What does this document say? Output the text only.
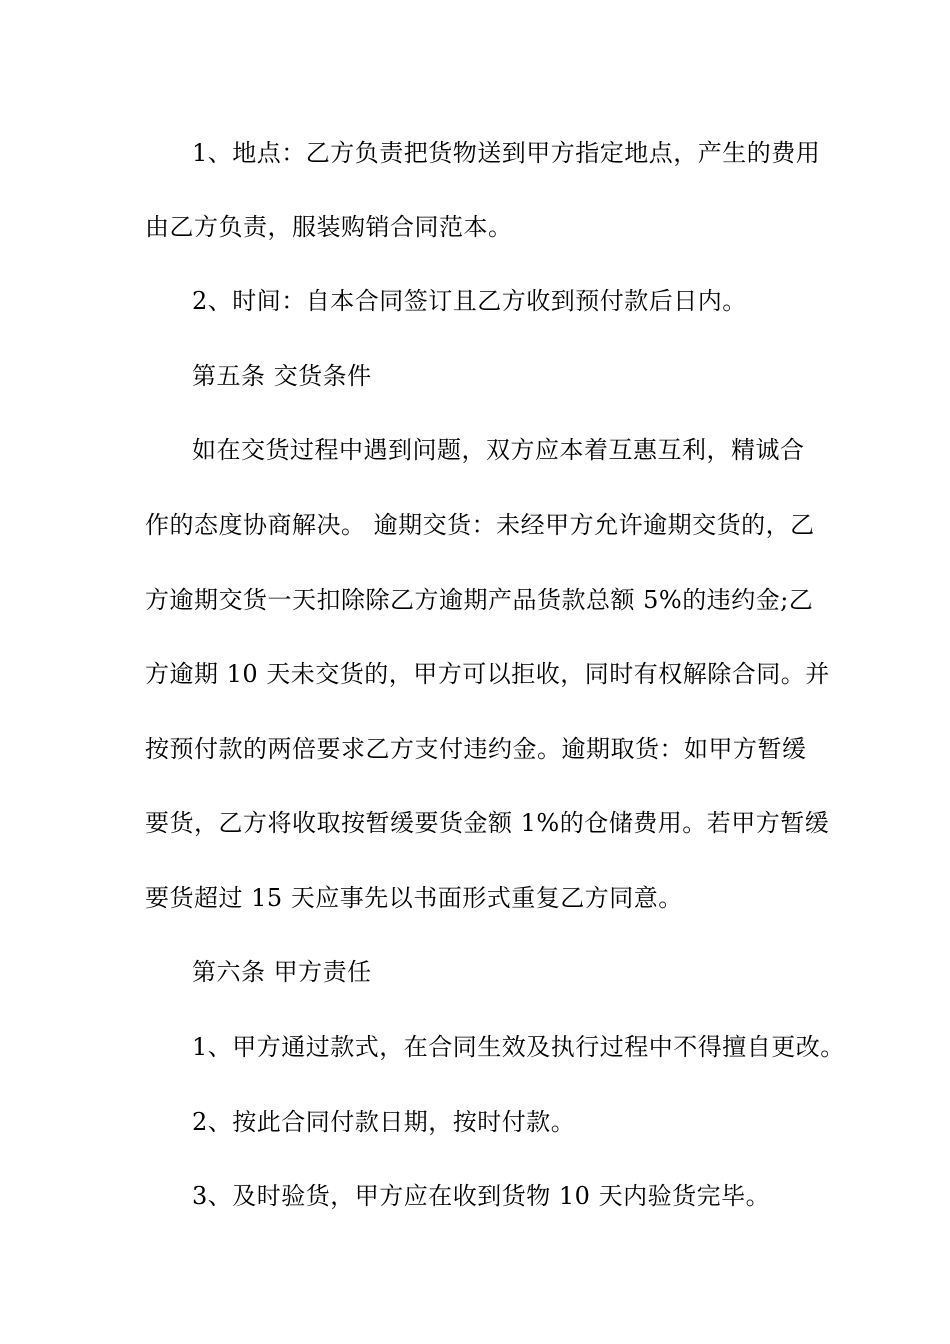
1、地点：乙方负责把货物送到甲方指定地点，产生的费用
由乙方负责，服装购销合同范本。
2、时间：自本合同签订且乙方收到预付款后日内。
第五条 交货条件
如在交货过程中遇到问题，双方应本着互惠互利，精诚合
作的态度协商解决。 逾期交货：未经甲方允许逾期交货的，乙
方逾期交货一天扣除除乙方逾期产品货款总额 5%的违约金;乙
方逾期 10 天未交货的，甲方可以拒收，同时有权解除合同。并
按预付款的两倍要求乙方支付违约金。逾期取货：如甲方暂缓
要货，乙方将收取按暂缓要货金额 1%的仓储费用。若甲方暂缓
要货超过 15 天应事先以书面形式重复乙方同意。
第六条 甲方责任
1、甲方通过款式，在合同生效及执行过程中不得擅自更改。
2、按此合同付款日期，按时付款。
3、及时验货，甲方应在收到货物 10 天内验货完毕。
